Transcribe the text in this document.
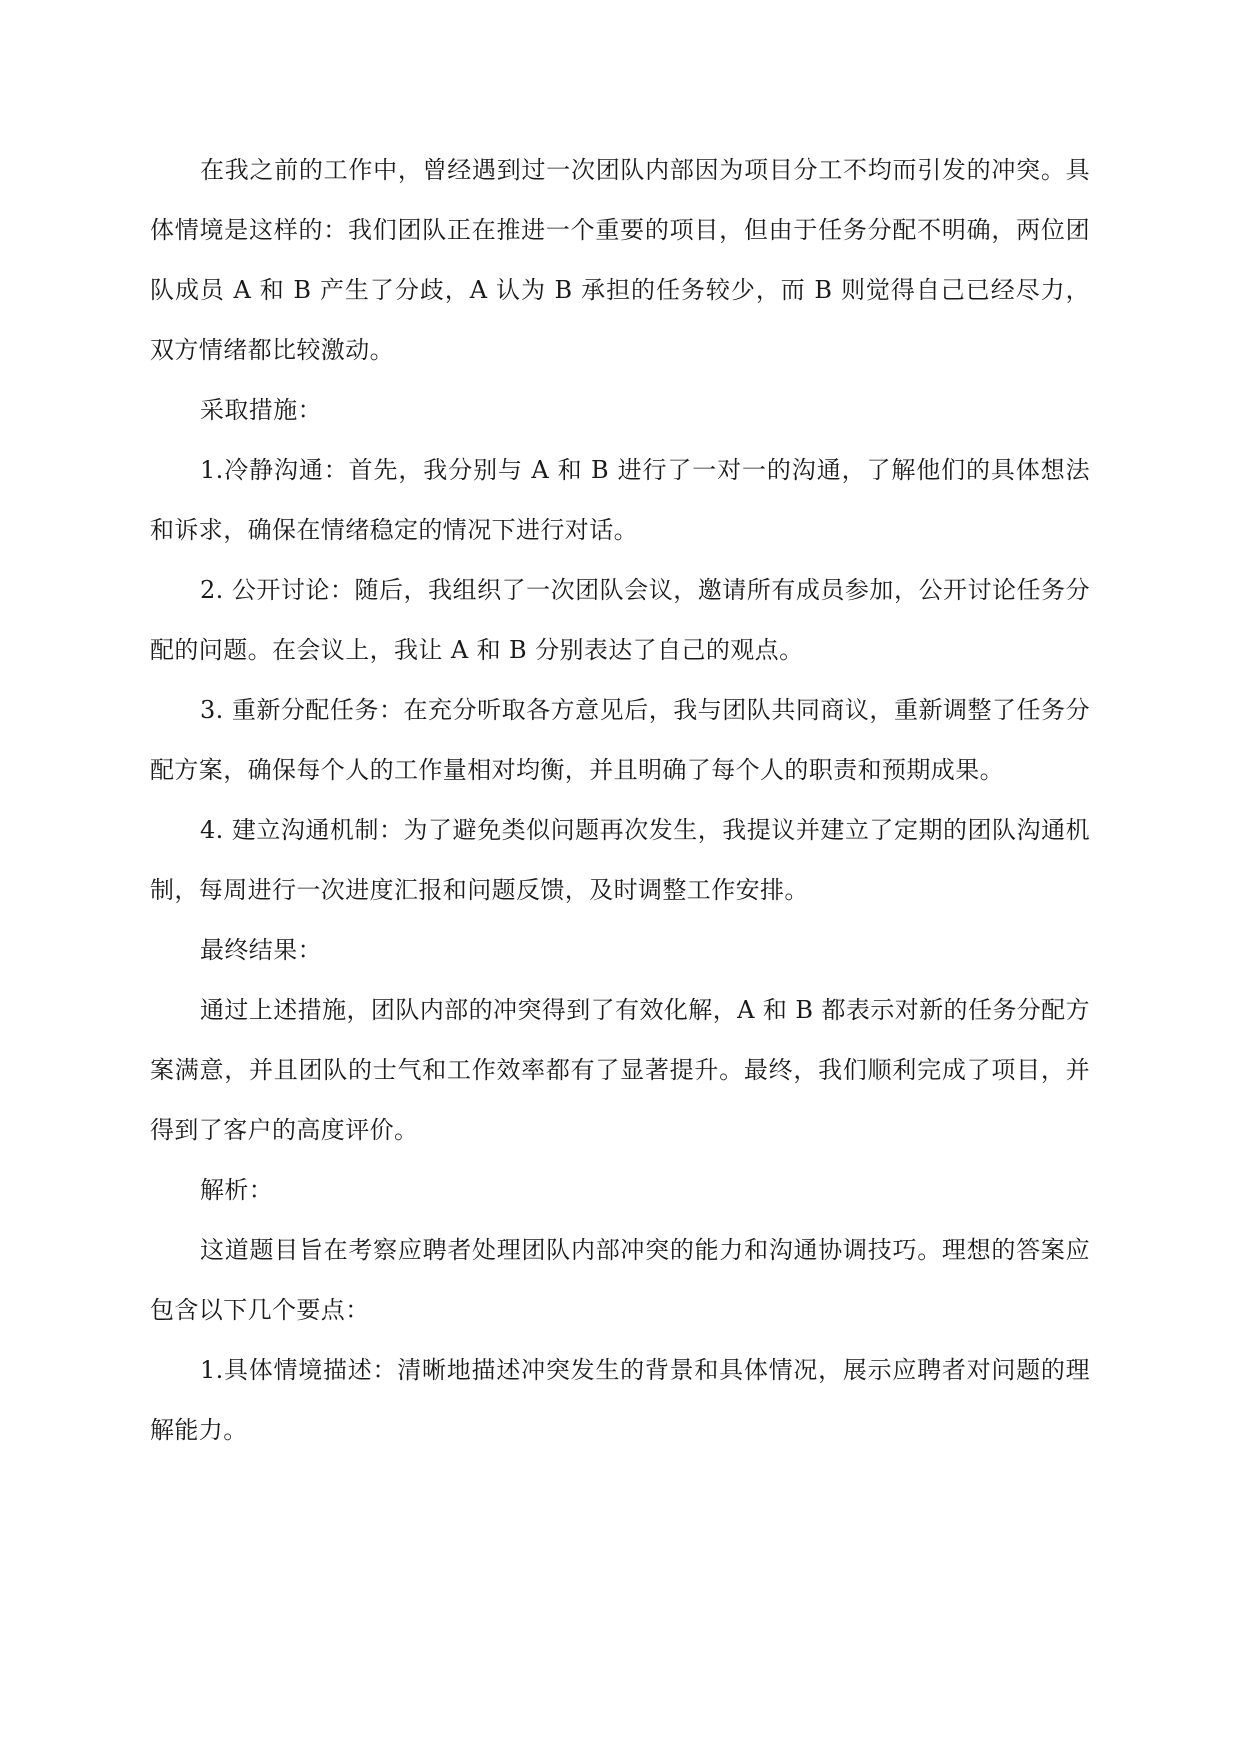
在我之前的工作中，曾经遇到过一次团队内部因为项目分工不均而引发的冲突。具体情境是这样的：我们团队正在推进一个重要的项目，但由于任务分配不明确，两位团队成员 A 和 B 产生了分歧，A 认为 B 承担的任务较少，而 B 则觉得自己已经尽力，双方情绪都比较激动。

采取措施：

1.冷静沟通：首先，我分别与 A 和 B 进行了一对一的沟通，了解他们的具体想法和诉求，确保在情绪稳定的情况下进行对话。

2. 公开讨论：随后，我组织了一次团队会议，邀请所有成员参加，公开讨论任务分配的问题。在会议上，我让 A 和 B 分别表达了自己的观点。

3. 重新分配任务：在充分听取各方意见后，我与团队共同商议，重新调整了任务分配方案，确保每个人的工作量相对均衡，并且明确了每个人的职责和预期成果。

4. 建立沟通机制：为了避免类似问题再次发生，我提议并建立了定期的团队沟通机制，每周进行一次进度汇报和问题反馈，及时调整工作安排。

最终结果：

通过上述措施，团队内部的冲突得到了有效化解，A 和 B 都表示对新的任务分配方案满意，并且团队的士气和工作效率都有了显著提升。最终，我们顺利完成了项目，并得到了客户的高度评价。

解析：

这道题目旨在考察应聘者处理团队内部冲突的能力和沟通协调技巧。理想的答案应包含以下几个要点：

1.具体情境描述：清晰地描述冲突发生的背景和具体情况，展示应聘者对问题的理解能力。
